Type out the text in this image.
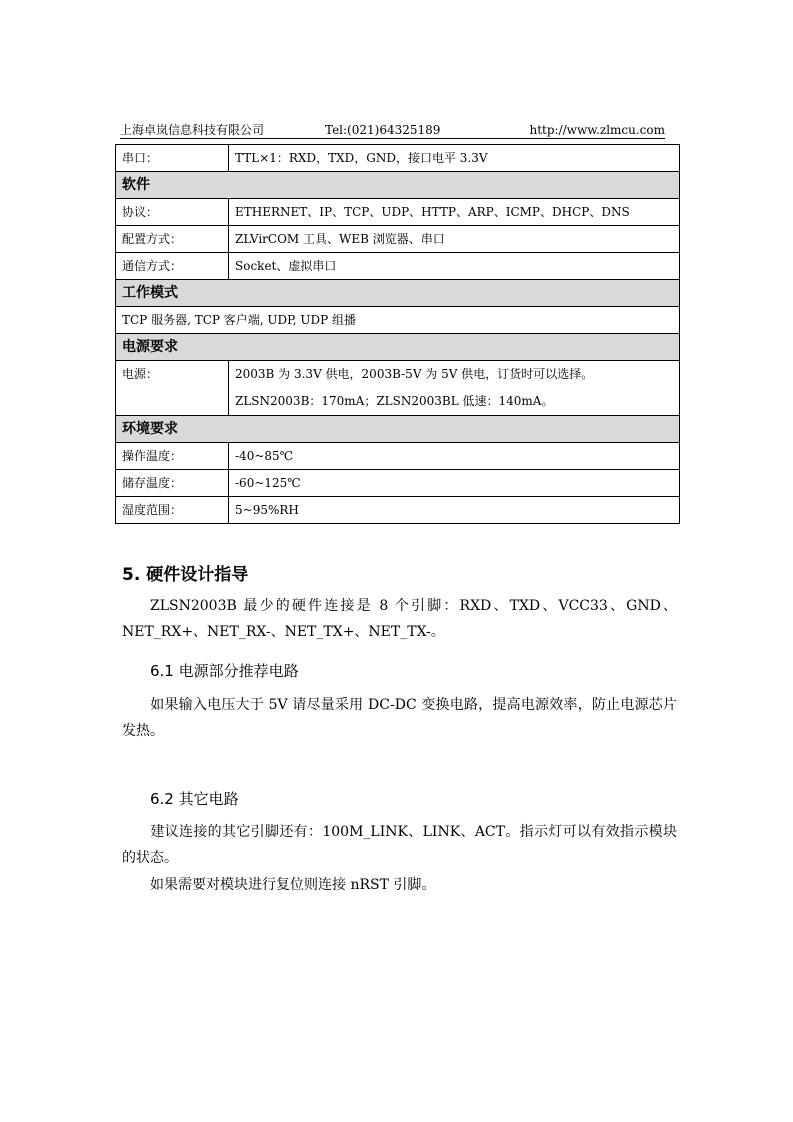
上海卓岚信息科技有限公司	Tel:(021)64325189	http://www.zlmcu.com
串口：	TTL×1：RXD，TXD，GND，接口电平 3.3V
软件	
协议：	ETHERNET、IP、TCP、UDP、HTTP、ARP、ICMP、DHCP、DNS
配置方式：	ZLVirCOM 工具、WEB 浏览器、串口
通信方式：	Socket、虚拟串口
工作模式	
TCP 服务器, TCP 客户端, UDP, UDP 组播	
电源要求	

电源：	2003B 为 3.3V 供电，2003B-5V 为 5V 供电，订货时可以选择。
ZLSN2003B：170mA；ZLSN2003BL 低速：140mA。

环境要求	
操作温度：	-40~85℃
储存温度：	-60~125℃
湿度范围：	5~95%RH
5. 硬件设计指导
ZLSN2003B 最少的硬件连接是 8 个引脚：RXD、TXD、VCC33、GND、NET_RX+、NET_RX-、NET_TX+、NET_TX-。
6.1 电源部分推荐电路
如果输入电压大于 5V 请尽量采用 DC-DC 变换电路，提高电源效率，防止电源芯片发热。
6.2 其它电路
建议连接的其它引脚还有：100M_LINK、LINK、ACT。指示灯可以有效指示模块的状态。
如果需要对模块进行复位则连接 nRST 引脚。
